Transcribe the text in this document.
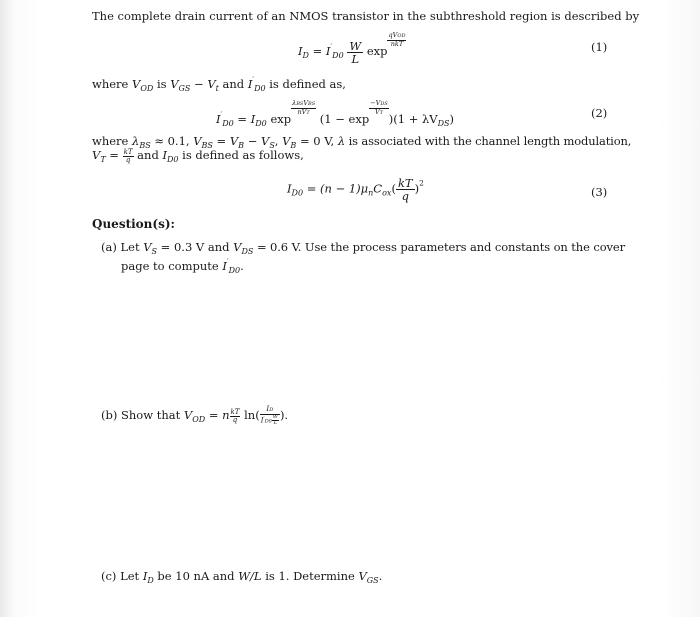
The complete drain current of an NMOS transistor in the subthreshold region is described by
$I_D = I'_{D0} \frac{W}{L}$ exp
qVOD
nkT	(1)
where $V_{OD}$ is $V_{GS} - V_t$ and $I'_{D0}$ is defined as,
$I'_{D0} = I_{D0}$ exp
λBSVBS
nVT (1 − exp
−VDS
VT )$(1 + \lambda V_{DS})$	(2)
where $\lambda_{BS} \approx 0.1$, $V_{BS} = V_B - V_S$, $V_B = 0$ V, λ is associated with the channel length modulation,
$V_T = \frac{kT}{q}$ and $I_{D0}$ is defined as follows,
$I_{D0} = (n - 1)\mu_nC_{ox}( \frac{kT}{q} )^2$
(3)
Question(s):
(a) Let $V_S = 0.3$ V and $V_{DS} = 0.6$ V. Use the process parameters and constants on the cover
page to compute $I'_{D0}$.
(b) Show that $V_{OD} = n \frac{kT}{q} \ln( \frac{ID}{I'D0 \frac{W}{L}}$ ).
(c) Let $I_D$ be 10 nA and W/L is 1. Determine $V_{GS}$.
